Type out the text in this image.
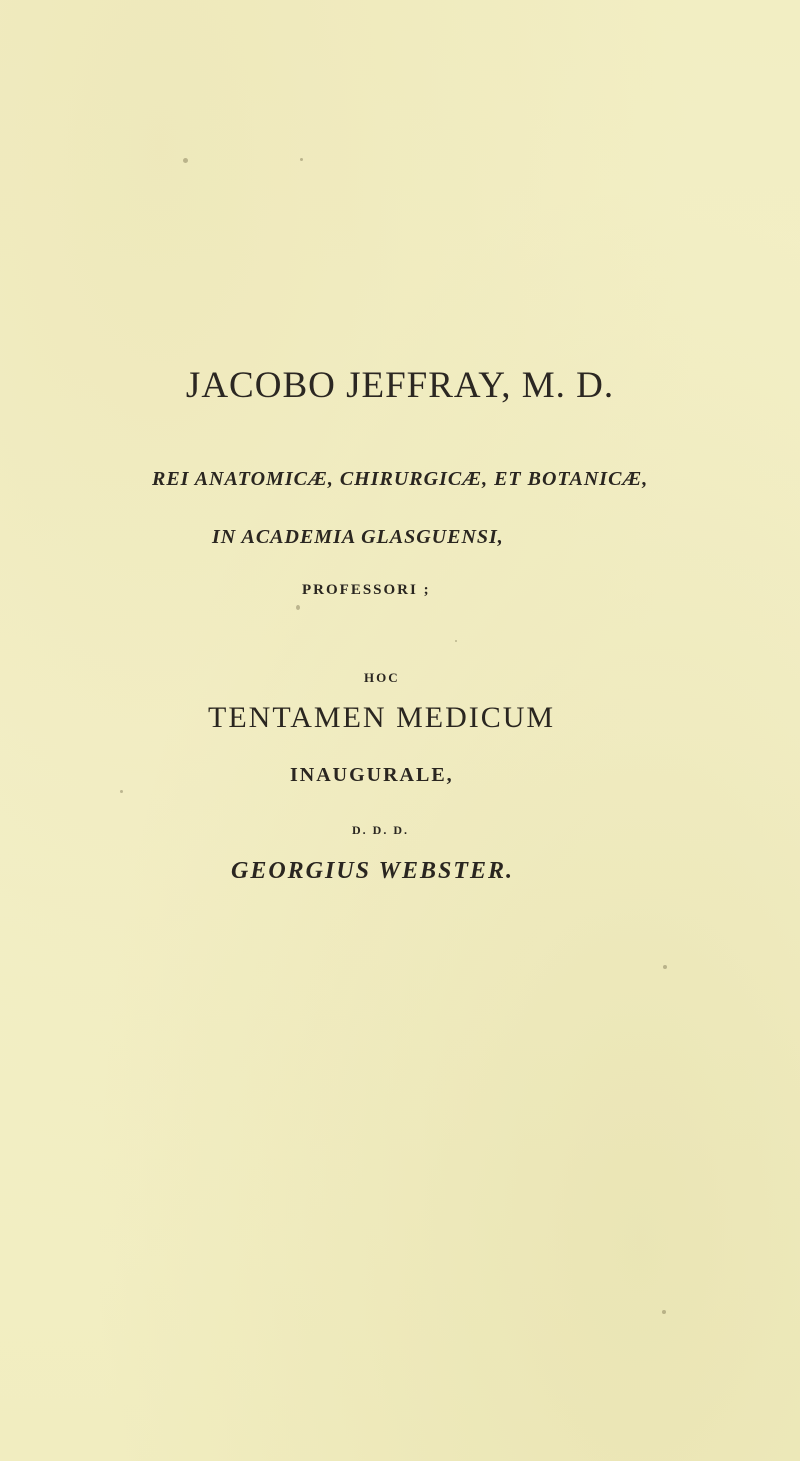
JACOBO JEFFRAY, M. D.
REI ANATOMICÆ, CHIRURGICÆ, ET BOTANICÆ,
IN ACADEMIA GLASGUENSI,
PROFESSORI ;
HOC
TENTAMEN MEDICUM
INAUGURALE,
D. D. D.
GEORGIUS WEBSTER.
